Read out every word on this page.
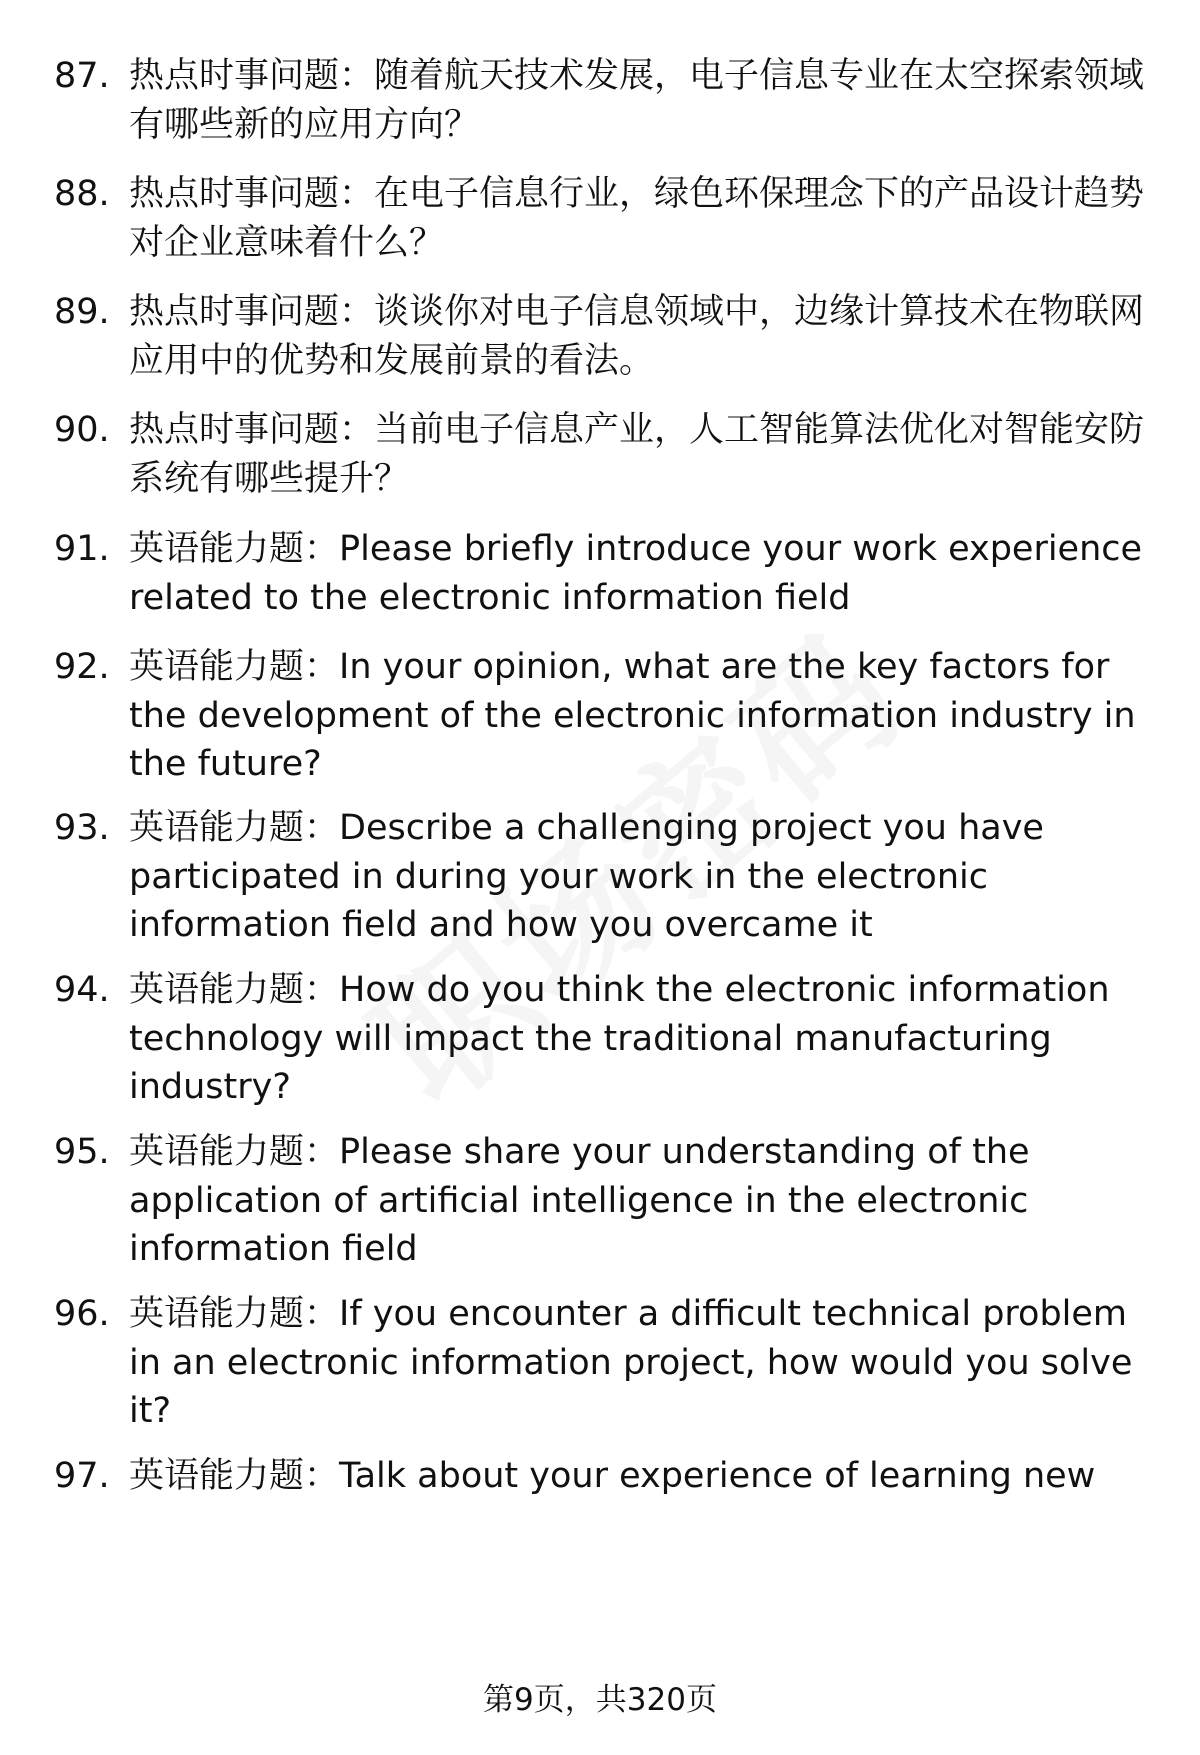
87. 热点时事问题：随着航天技术发展，电子信息专业在太空探索领域有哪些新的应用方向？
88. 热点时事问题：在电子信息行业，绿色环保理念下的产品设计趋势对企业意味着什么？
89. 热点时事问题：谈谈你对电子信息领域中，边缘计算技术在物联网应用中的优势和发展前景的看法。
90. 热点时事问题：当前电子信息产业，人工智能算法优化对智能安防系统有哪些提升？
91. 英语能力题：Please briefly introduce your work experience related to the electronic information field
92. 英语能力题：In your opinion, what are the key factors for the development of the electronic information industry in the future?
93. 英语能力题：Describe a challenging project you have participated in during your work in the electronic information field and how you overcame it
94. 英语能力题：How do you think the electronic information technology will impact the traditional manufacturing industry?
95. 英语能力题：Please share your understanding of the application of artificial intelligence in the electronic information field
96. 英语能力题：If you encounter a difficult technical problem in an electronic information project, how would you solve it?
97. 英语能力题：Talk about your experience of learning new
第9页，共320页
